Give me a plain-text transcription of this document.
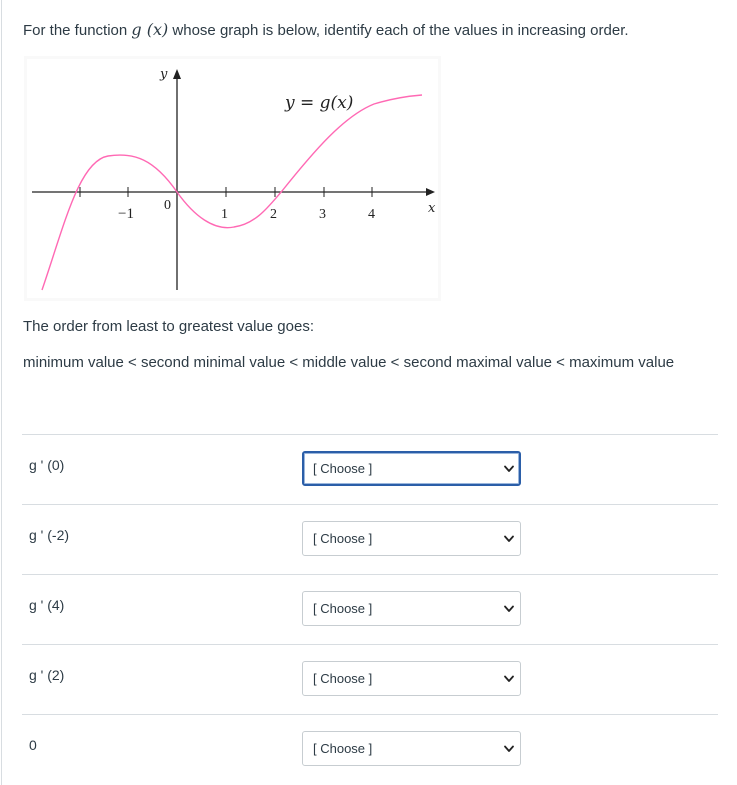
For the function g (x) whose graph is below, identify each of the values in increasing order.
y
x
y = g(x)
−1
0
1	2	3	4
The order from least to greatest value goes:
minimum value < second minimal value < middle value < second maximal value < maximum value
g ' (0)	[ Choose ]
g ' (-2)	[ Choose ]
g ' (4)	[ Choose ]
g ' (2)	[ Choose ]
0	[ Choose ]
